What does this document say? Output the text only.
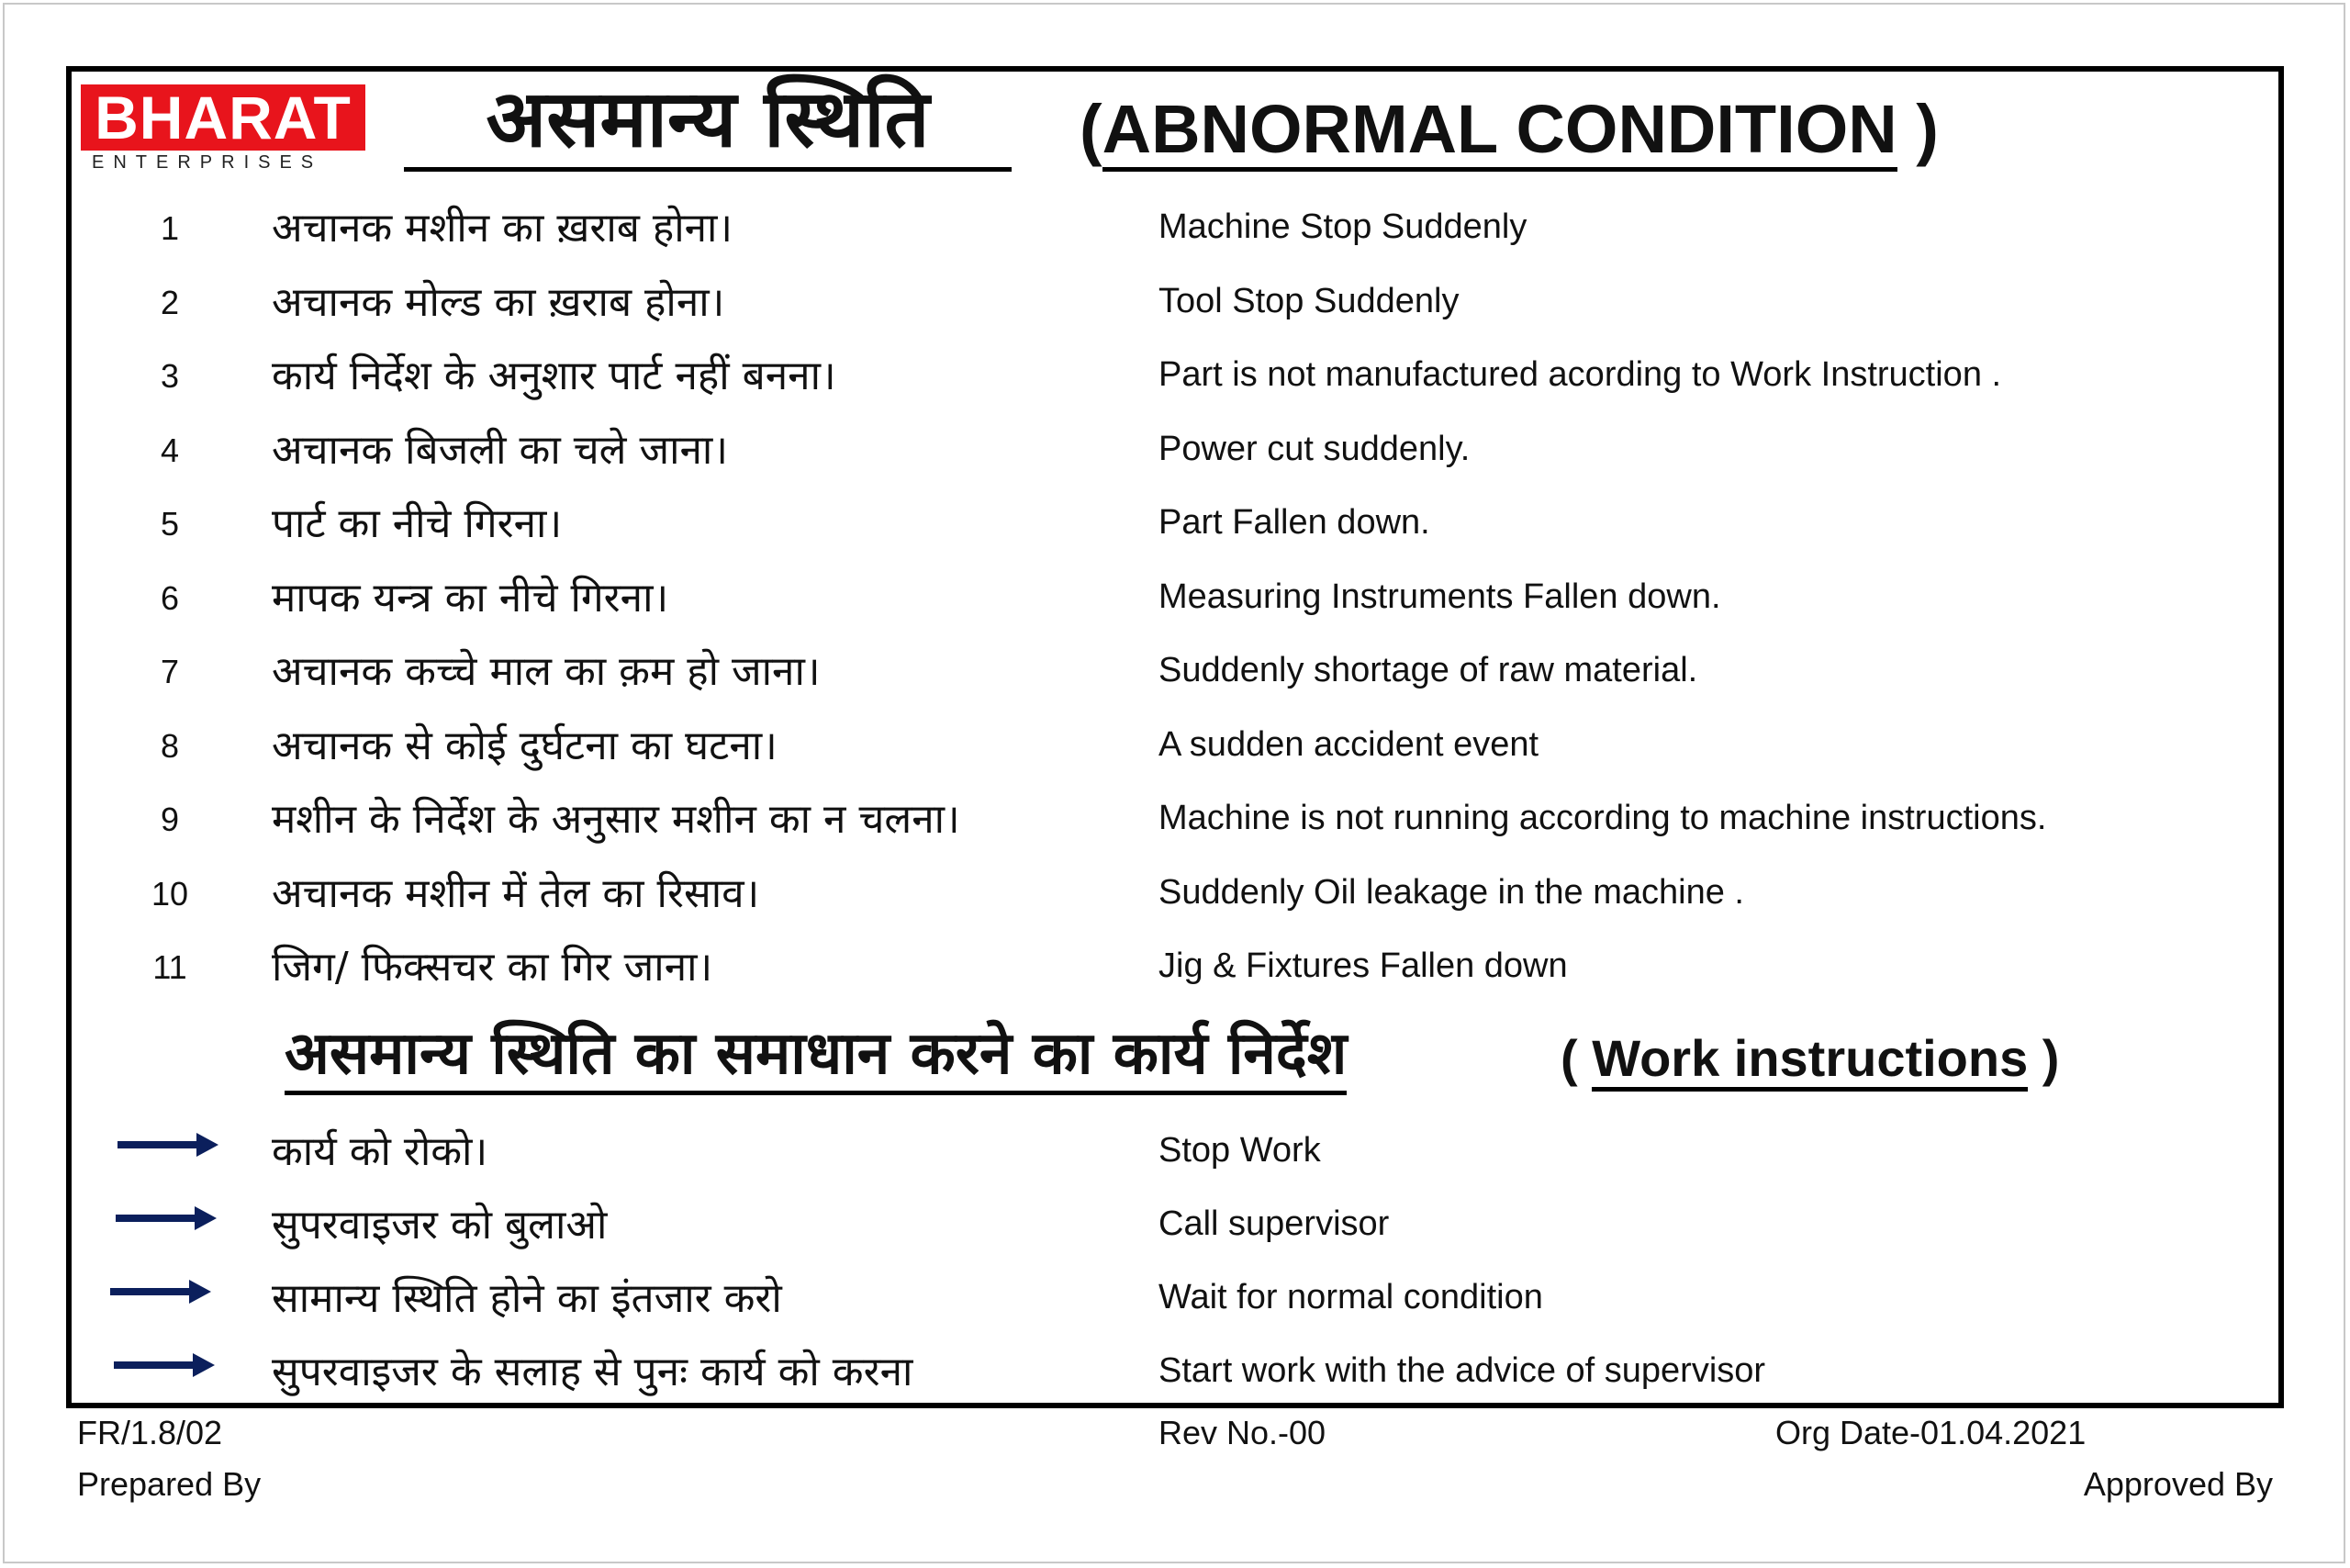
BHARAT
ENTERPRISES	असमान्य स्थिति	(ABNORMAL CONDITION )
1	अचानक मशीन का ख़राब होना।	Machine Stop Suddenly
2	अचानक मोल्ड का ख़राब होना।	Tool Stop Suddenly
3	कार्य निर्देश के अनुशार पार्ट नहीं बनना।	Part is not manufactured acording to Work Instruction .
4	अचानक बिजली का चले जाना।	Power cut suddenly.
5	पार्ट का नीचे गिरना।	Part Fallen down.
6	मापक यन्त्र का नीचे गिरना।	Measuring Instruments Fallen down.
7	अचानक कच्चे माल का क़म हो जाना।	Suddenly shortage of raw material.
8	अचानक से कोई दुर्घटना का घटना।	A sudden accident event
9	मशीन के निर्देश के अनुसार मशीन का न चलना।	Machine is not running according to machine instructions.
10	अचानक मशीन में तेल का रिसाव।	Suddenly Oil leakage in the machine .
11	जिग/ फिक्सचर का गिर जाना।	Jig & Fixtures Fallen down
असमान्य स्थिति का समाधान करने का कार्य निर्देश	( Work instructions )
कार्य को रोको।	Stop Work
सुपरवाइजर को बुलाओ	Call supervisor
सामान्य स्थिति होने का इंतजार करो	Wait for normal condition
सुपरवाइजर के सलाह से पुनः कार्य को करना	Start work with the advice of supervisor
FR/1.8/02	Rev No.-00	Org Date-01.04.2021
Prepared By	Approved By
